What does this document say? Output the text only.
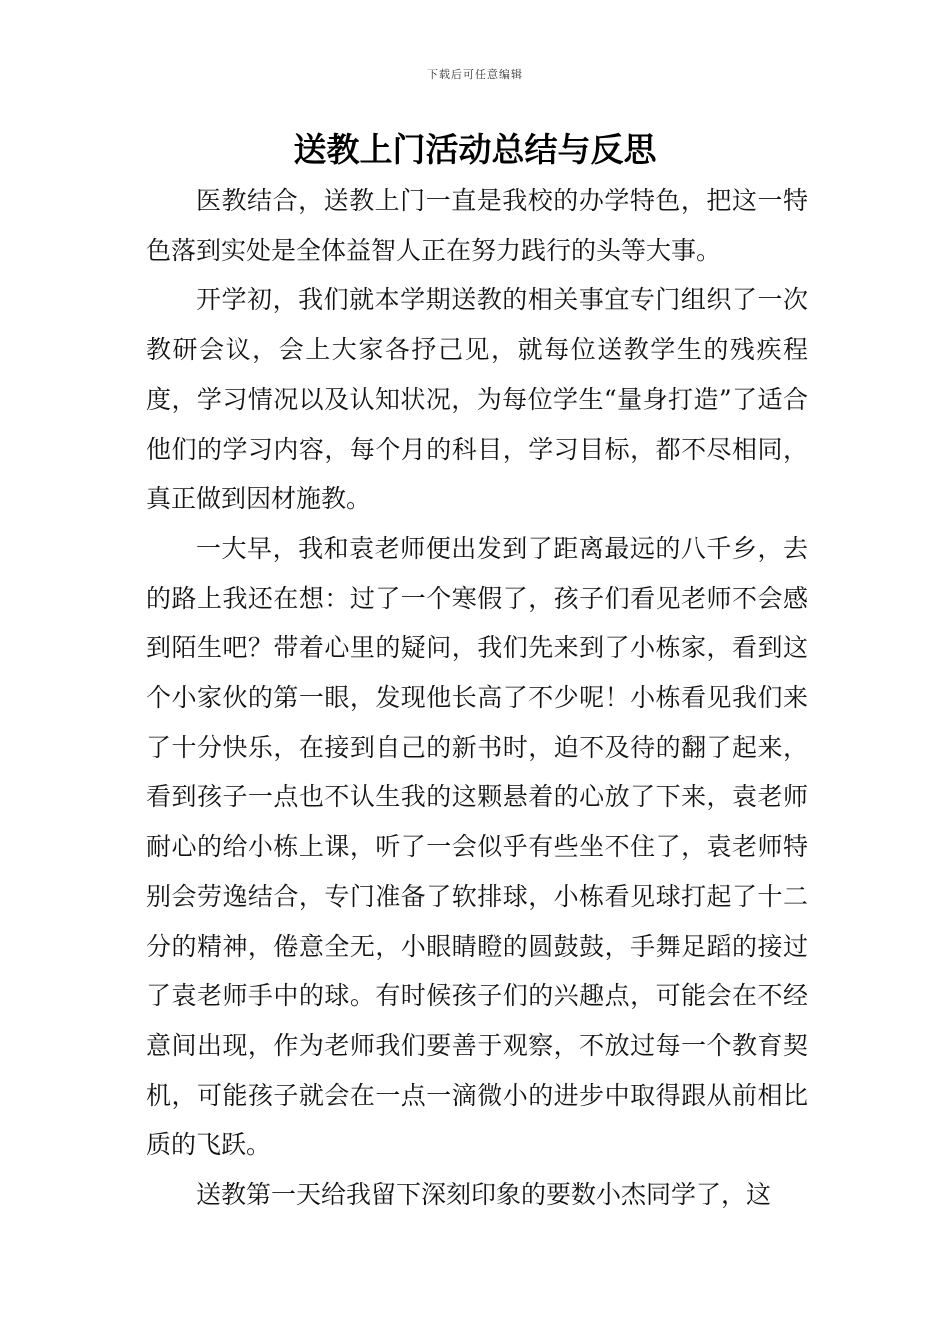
下载后可任意编辑
送教上门活动总结与反思

医教结合，送教上门一直是我校的办学特色，把这一特色落到实处是全体益智人正在努力践行的头等大事。

开学初，我们就本学期送教的相关事宜专门组织了一次教研会议，会上大家各抒己见，就每位送教学生的残疾程度，学习情况以及认知状况，为每位学生“量身打造”了适合他们的学习内容，每个月的科目，学习目标，都不尽相同，真正做到因材施教。

一大早，我和袁老师便出发到了距离最远的八千乡，去的路上我还在想：过了一个寒假了，孩子们看见老师不会感到陌生吧？带着心里的疑问，我们先来到了小栋家，看到这个小家伙的第一眼，发现他长高了不少呢！小栋看见我们来了十分快乐，在接到自己的新书时，迫不及待的翻了起来，看到孩子一点也不认生我的这颗悬着的心放了下来，袁老师耐心的给小栋上课，听了一会似乎有些坐不住了，袁老师特别会劳逸结合，专门准备了软排球，小栋看见球打起了十二分的精神，倦意全无，小眼睛瞪的圆鼓鼓，手舞足蹈的接过了袁老师手中的球。有时候孩子们的兴趣点，可能会在不经意间出现，作为老师我们要善于观察，不放过每一个教育契机，可能孩子就会在一点一滴微小的进步中取得跟从前相比质的飞跃。

送教第一天给我留下深刻印象的要数小杰同学了，这
